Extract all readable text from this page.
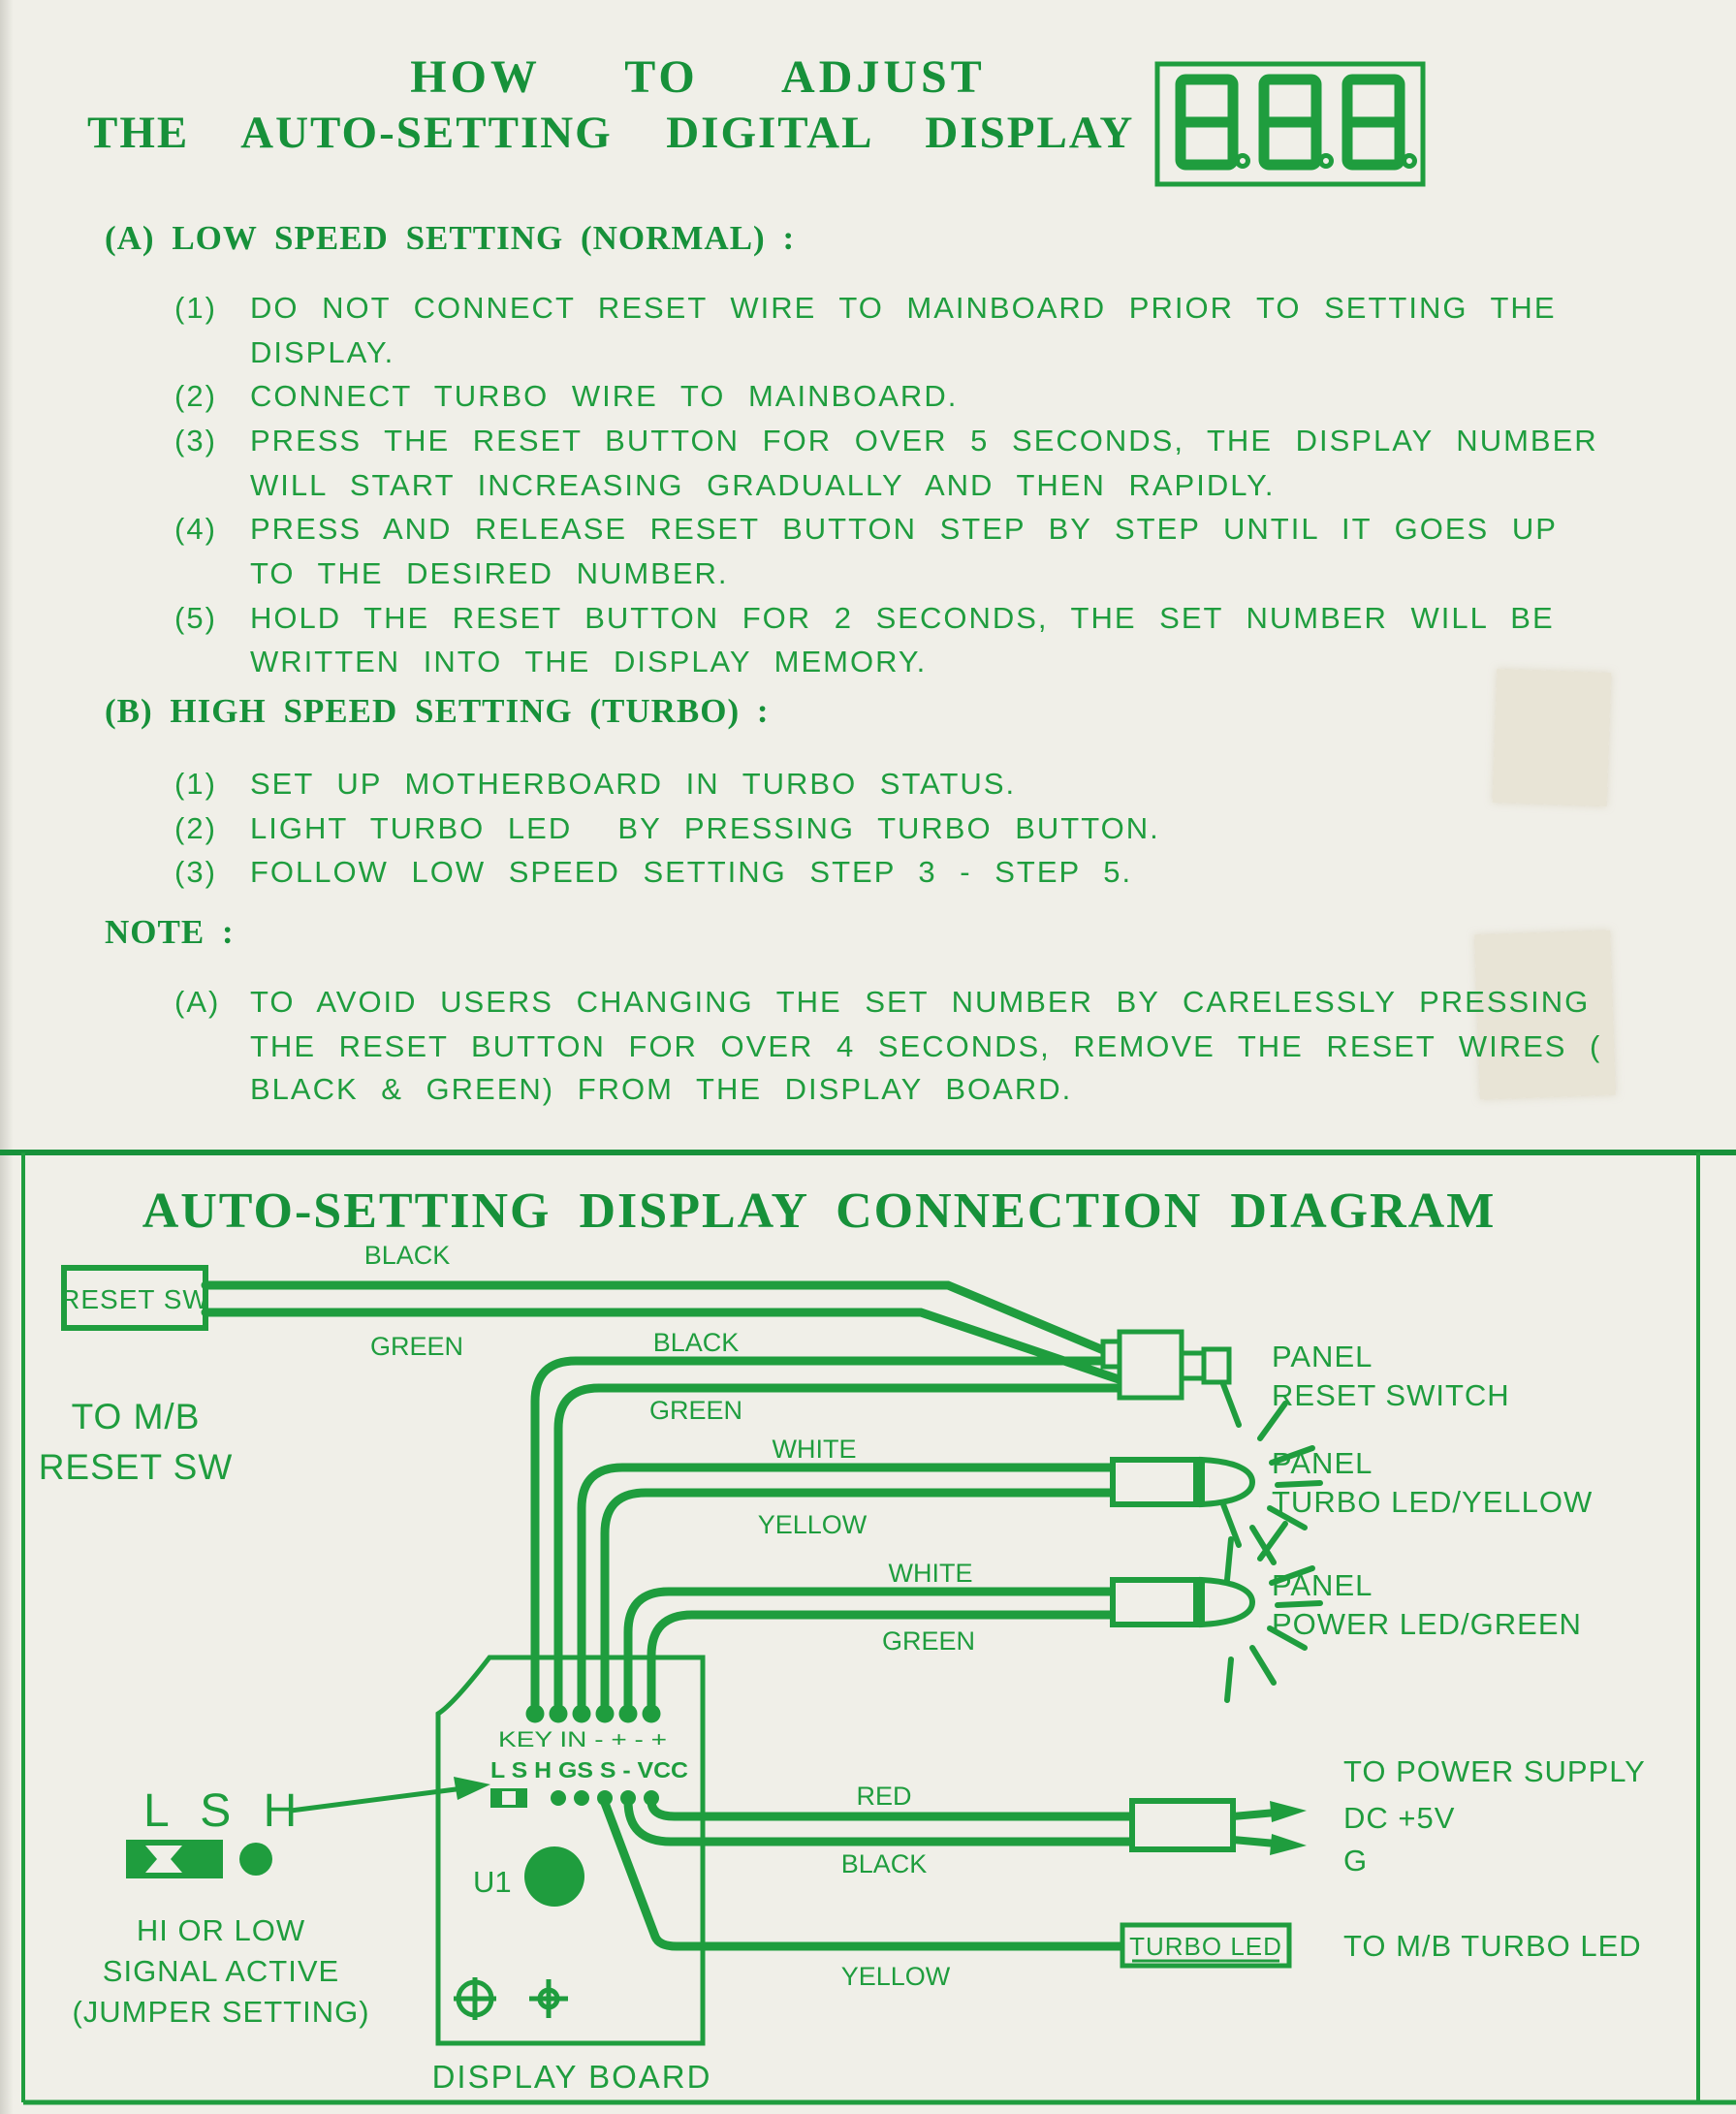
HOW  TO  ADJUST
THE  AUTO-SETTING  DIGITAL  DISPLAY
(A) LOW SPEED SETTING (NORMAL) :
(1)	DO NOT CONNECT RESET WIRE TO MAINBOARD PRIOR TO SETTING THE
DISPLAY.
(2)	CONNECT TURBO WIRE TO MAINBOARD.
(3)	PRESS THE RESET BUTTON FOR OVER 5 SECONDS, THE DISPLAY NUMBER
WILL START INCREASING GRADUALLY AND THEN RAPIDLY.
(4)	PRESS AND RELEASE RESET BUTTON STEP BY STEP UNTIL IT GOES UP
TO THE DESIRED NUMBER.
(5)	HOLD THE RESET BUTTON FOR 2 SECONDS, THE SET NUMBER WILL BE
WRITTEN INTO THE DISPLAY MEMORY.
(B) HIGH SPEED SETTING (TURBO) :
(1)	SET UP MOTHERBOARD IN TURBO STATUS.
(2)	LIGHT TURBO LED  BY PRESSING TURBO BUTTON.
(3)	FOLLOW LOW SPEED SETTING STEP 3 - STEP 5.
NOTE :
(A) TO AVOID USERS CHANGING THE SET NUMBER BY CARELESSLY PRESSING
THE RESET BUTTON FOR OVER 4 SECONDS, REMOVE THE RESET WIRES (
BLACK & GREEN) FROM THE DISPLAY BOARD.
AUTO-SETTING DISPLAY CONNECTION DIAGRAM
RESET SW
TO M/B
RESET SW
KEY IN - + - +
L S H GS S - VCC
U1
DISPLAY BOARD
TURBO LED
L S H
HI OR LOW
SIGNAL ACTIVE
(JUMPER SETTING)
BLACK
GREEN	BLACK
GREEN
WHITE
YELLOW
WHITE
GREEN
RED
BLACK
YELLOW
PANEL
RESET SWITCH
PANEL
TURBO LED/YELLOW
PANEL
POWER LED/GREEN
TO POWER SUPPLY
DC +5V
G
TO M/B TURBO LED
